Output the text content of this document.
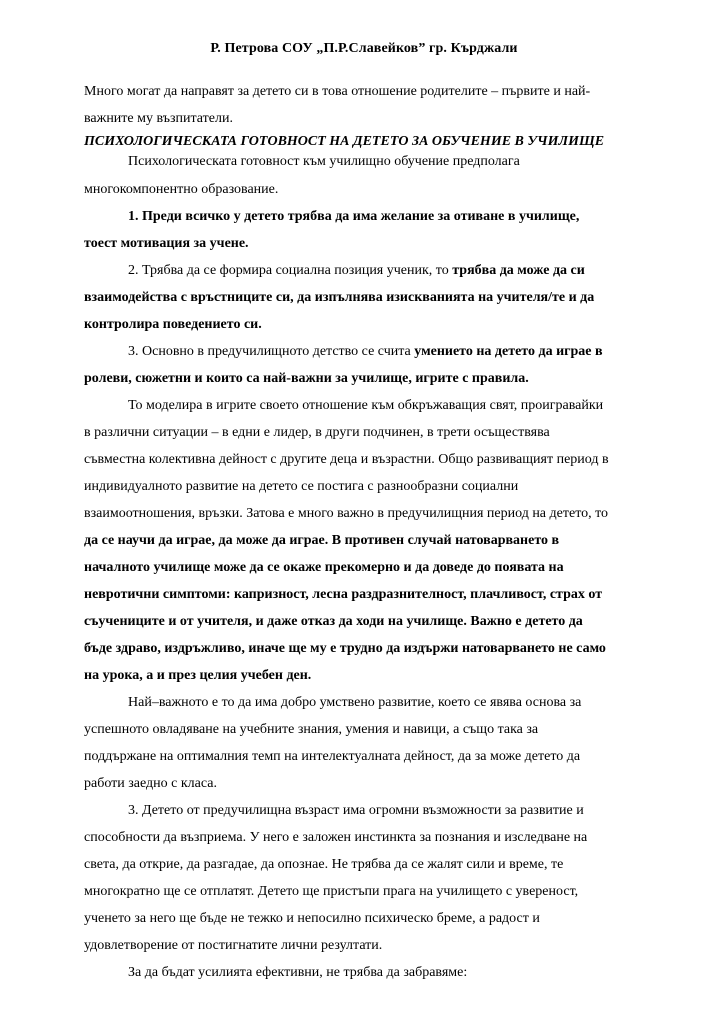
Р. Петрова СОУ „П.Р.Славейков” гр. Кърджали
Много могат да направят за детето си в това отношение родителите – първите и най-
важните му възпитатели.
ПСИХОЛОГИЧЕСКАТА ГОТОВНОСТ НА ДЕТЕТО ЗА ОБУЧЕНИЕ В УЧИЛИЩЕ
Психологическата готовност към училищно обучение предполага
многокомпонентно образование.
1. Преди всичко у детето трябва да има желание за отиване в училище,
тоест мотивация за учене.
2. Трябва да се формира социална позиция ученик, то трябва да може да си
взаимодейства с връстниците си, да изпълнява изискванията на учителя/те и да
контролира поведението си.
3. Основно в предучилищното детство се счита умението на детето да играе в
ролеви, сюжетни и които са най-важни за училище, игрите с правила.
То моделира в игрите своето отношение към обкръжаващия свят, проигравайки
в различни ситуации – в едни е лидер, в други подчинен, в трети осъществява
съвместна колективна дейност с другите деца и възрастни. Общо развиващият период в
индивидуалното развитие на детето се постига с разнообразни социални
взаимоотношения, връзки. Затова е много важно в предучилищния период на детето, то
да се научи да играе, да може да играе. В противен случай натоварването в
началното училище може да се окаже прекомерно и да доведе до появата на
невротични симптоми: капризност, лесна раздразнителност, плачливост, страх от
съучениците и от учителя, и даже отказ да ходи на училище. Важно е детето да
бъде здраво, издръжливо, иначе ще му е трудно да издържи натоварването не само
на урока, а и през целия учебен ден.
Най–важното е то да има добро умствено развитие, което се явява основа за
успешното овладяване на учебните знания, умения и навици, а също така за
поддържане на оптималния темп на интелектуалната дейност, да за може детето да
работи заедно с класа.
3. Детето от предучилищна възраст има огромни възможности за развитие и
способности да възприема. У него е заложен инстинкта за познания и изследване на
света, да открие, да разгадае, да опознае. Не трябва да се жалят сили и време, те
многократно ще се отплатят. Детето ще пристъпи прага на училището с увереност,
ученето за него ще бъде не тежко и непосилно психическо бреме, а радост и
удовлетворение от постигнатите лични резултати.
За да бъдат усилията ефективни, не трябва да забравяме:
